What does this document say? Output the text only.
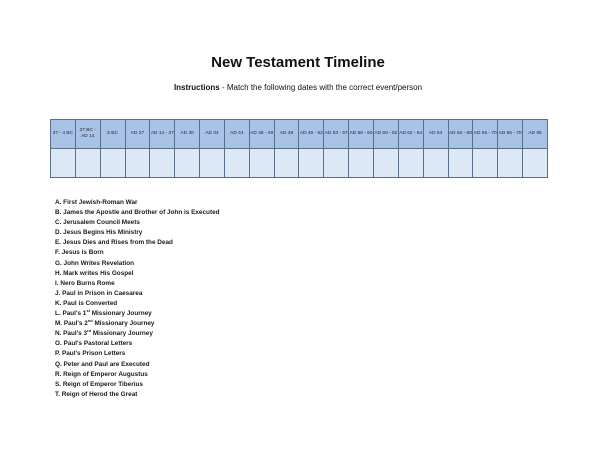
New Testament Timeline
Instructions - Match the following dates with the correct event/person
37 - 4 BC	27 BC - AD 14	5 BC	AD 27	AD 14 - 37	AD 30	AD 34	AD 44	AD 46 - 49	AD 49	AD 49 - 52	AD 53 - 57	AD 58 - 60	AD 60 - 62	AD 62 - 64	AD 64	AD 64 - 68	AD 65 - 70	AD 66 - 70	AD 95

A. First Jewish-Roman War
B. James the Apostle and Brother of John is Executed
C. Jerusalem Council Meets
D. Jesus Begins His Ministry
E. Jesus Dies and Rises from the Dead
F. Jesus is Born
G. John Writes Revelation
H. Mark writes His Gospel
I. Nero Burns Rome
J. Paul in Prison in Caesarea
K. Paul is Converted
L. Paul's 1st Missionary Journey
M. Paul's 2nd Missionary Journey
N. Paul's 3rd Missionary Journey
O. Paul's Pastoral Letters
P. Paul's Prison Letters
Q. Peter and Paul are Executed
R. Reign of Emperor Augustus
S. Reign of Emperor Tiberius
T. Reign of Herod the Great
